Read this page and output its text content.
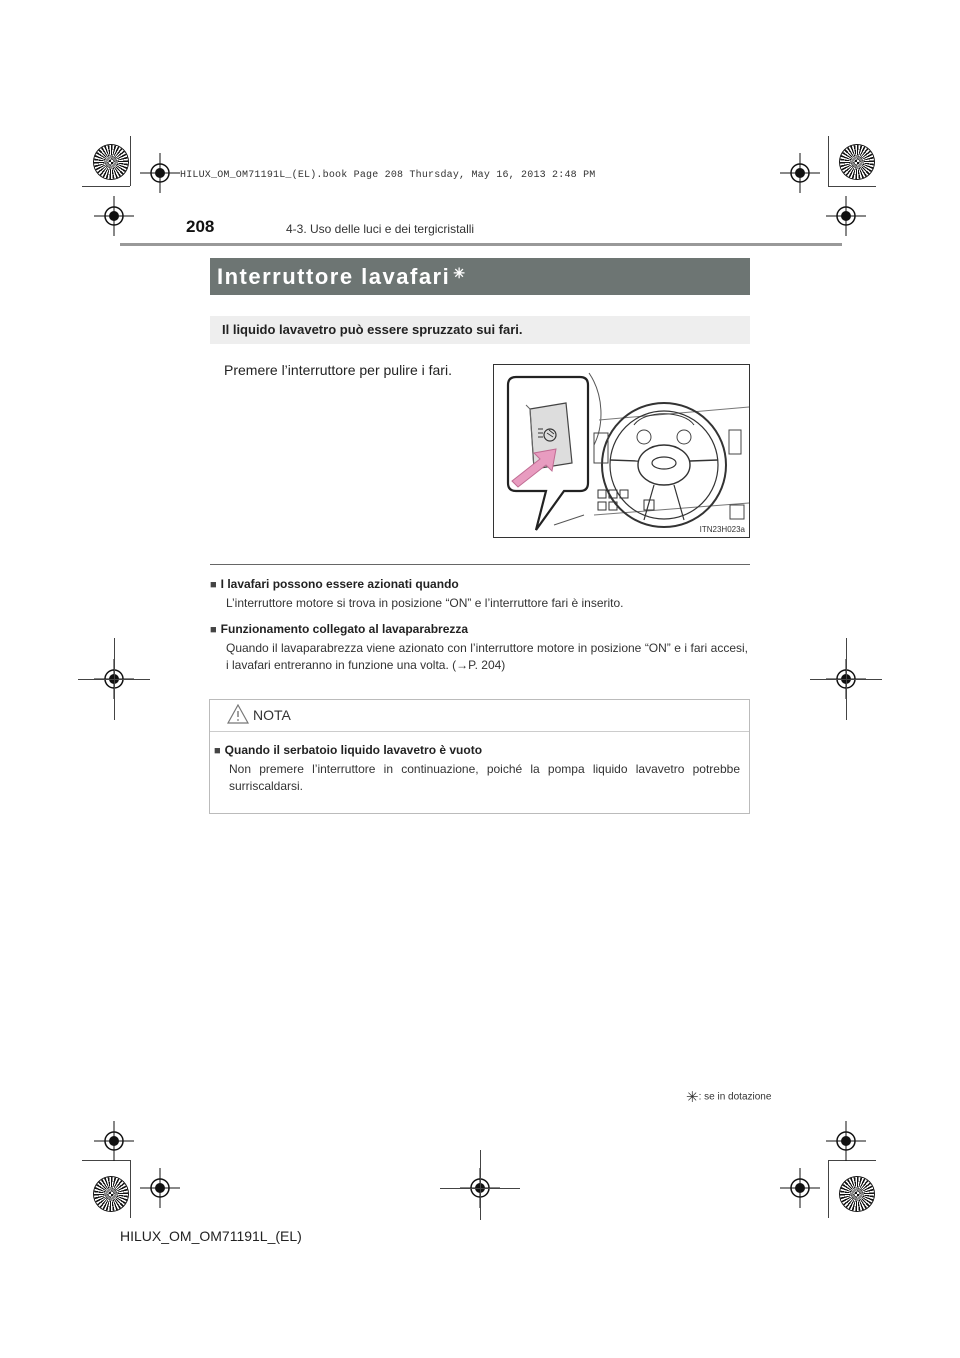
HILUX_OM_OM71191L_(EL).book Page 208 Thursday, May 16, 2013 2:48 PM
208	4-3. Uso delle luci e dei tergicristalli
Interruttore lavafari ✳
Il liquido lavavetro può essere spruzzato sui fari.
Premere l’interruttore per pulire i fari.
ITN23H023a
■ I lavafari possono essere azionati quando
L’interruttore motore si trova in posizione “ON” e l’interruttore fari è inserito.
■ Funzionamento collegato al lavaparabrezza
Quando il lavaparabrezza viene azionato con l’interruttore motore in posizione “ON” e i fari accesi, i lavafari entreranno in funzione una volta. (→P. 204)
NOTA
■ Quando il serbatoio liquido lavavetro è vuoto
Non premere l’interruttore in continuazione, poiché la pompa liquido lavavetro potrebbe surriscaldarsi.
✳: se in dotazione
HILUX_OM_OM71191L_(EL)
